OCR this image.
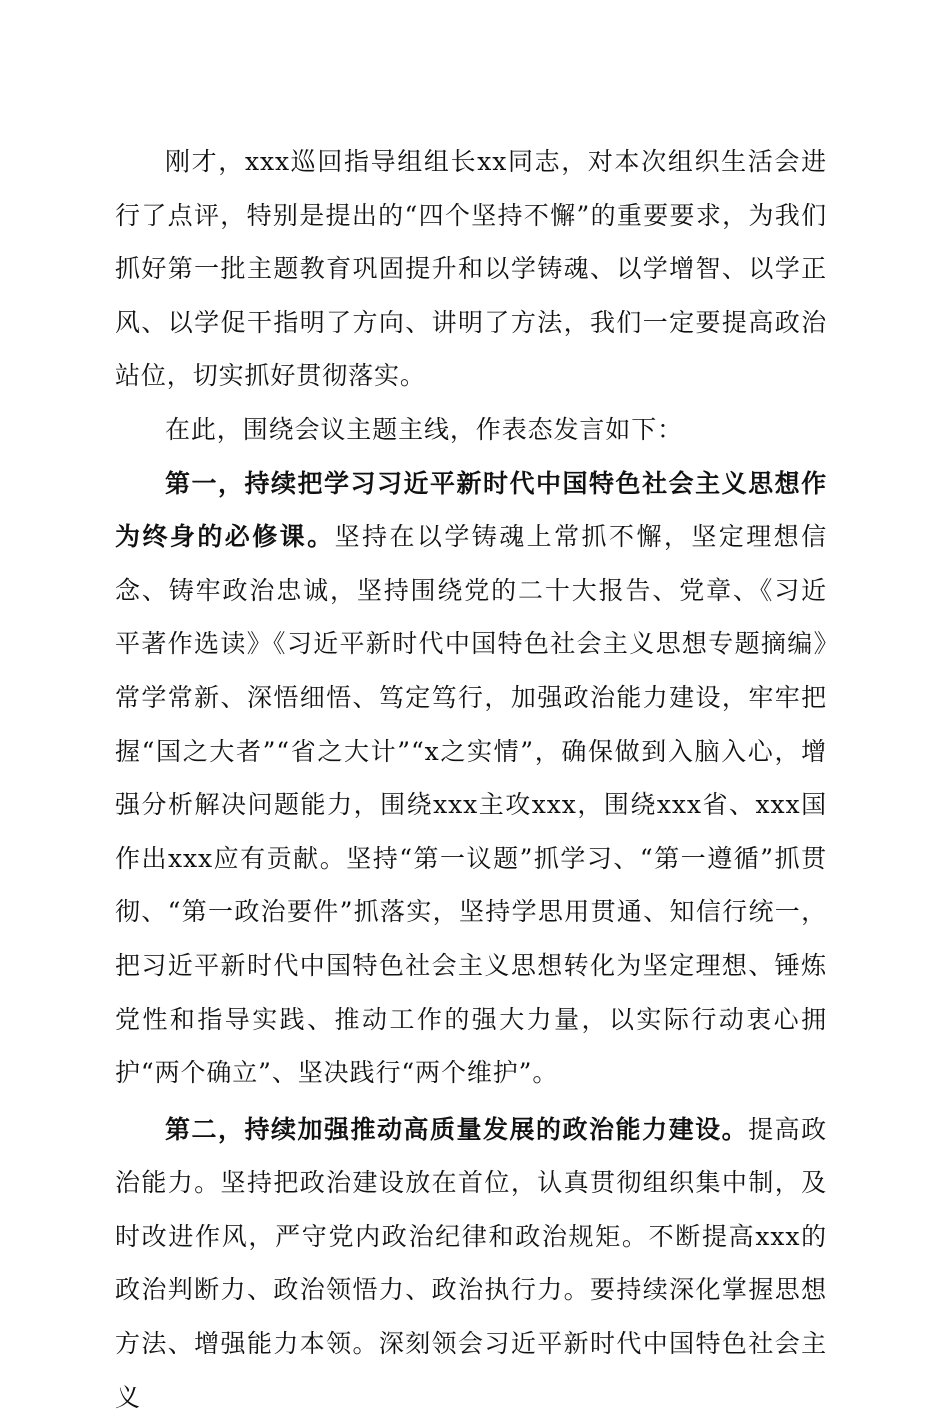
刚才，xxx巡回指导组组长xx同志，对本次组织生活会进行了点评，特别是提出的“四个坚持不懈”的重要要求，为我们抓好第一批主题教育巩固提升和以学铸魂、以学增智、以学正风、以学促干指明了方向、讲明了方法，我们一定要提高政治站位，切实抓好贯彻落实。

在此，围绕会议主题主线，作表态发言如下：

第一，持续把学习习近平新时代中国特色社会主义思想作为终身的必修课。坚持在以学铸魂上常抓不懈，坚定理想信念、铸牢政治忠诚，坚持围绕党的二十大报告、党章、《习近平著作选读》《习近平新时代中国特色社会主义思想专题摘编》常学常新、深悟细悟、笃定笃行，加强政治能力建设，牢牢把握“国之大者”“省之大计”“x之实情”，确保做到入脑入心，增强分析解决问题能力，围绕xxx主攻xxx，围绕xxx省、xxx国作出xxx应有贡献。坚持“第一议题”抓学习、“第一遵循”抓贯彻、“第一政治要件”抓落实，坚持学思用贯通、知信行统一，把习近平新时代中国特色社会主义思想转化为坚定理想、锤炼党性和指导实践、推动工作的强大力量，以实际行动衷心拥护“两个确立”、坚决践行“两个维护”。

第二，持续加强推动高质量发展的政治能力建设。提高政治能力。坚持把政治建设放在首位，认真贯彻组织集中制，及时改进作风，严守党内政治纪律和政治规矩。不断提高xxx的政治判断力、政治领悟力、政治执行力。要持续深化掌握思想方法、增强能力本领。深刻领会习近平新时代中国特色社会主义
